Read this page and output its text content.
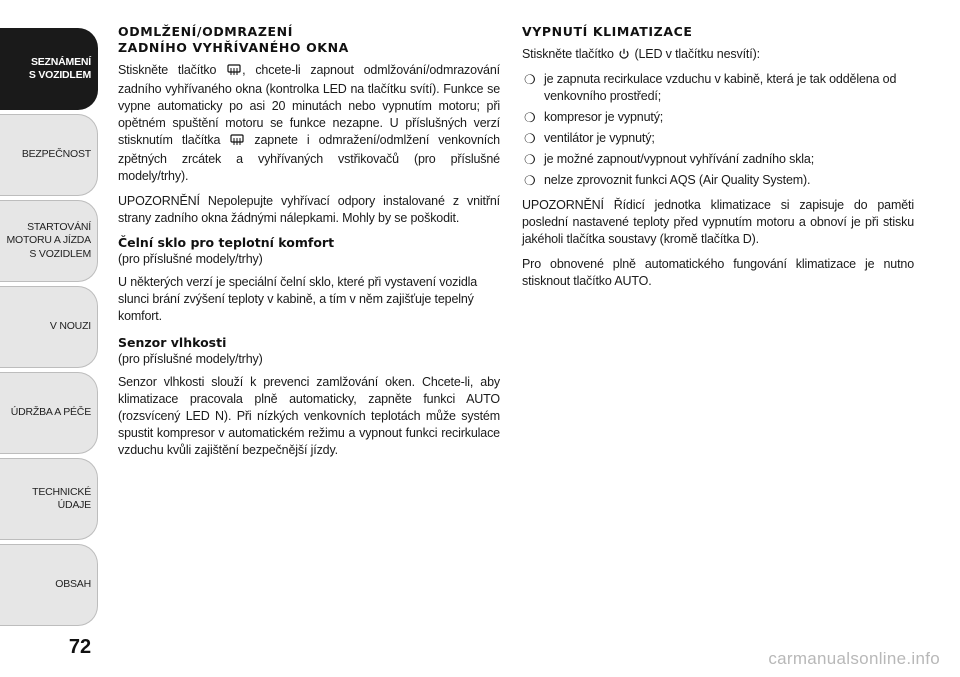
SEZNÁMENÍ
S VOZIDLEM
BEZPEČNOST
STARTOVÁNÍ
MOTORU A JÍZDA
S VOZIDLEM
V NOUZI
ÚDRŽBA A PÉČE
TECHNICKÉ
ÚDAJE
OBSAH
72
ODMLŽENÍ/ODMRAZENÍ
ZADNÍHO VYHŘÍVANÉHO OKNA

Stiskněte tlačítko , chcete-li zapnout odmlžování/odmrazování zadního vyhřívaného okna (kontrolka LED na tlačítku svítí). Funkce se vypne automaticky po asi 20 minutách nebo vypnutím motoru; při opětném spuštění motoru se funkce nezapne. U příslušných verzí stisknutím tlačítka	zapnete i odmražení/odmlžení venkovních zpětných zrcátek a vyhřívaných vstřikovačů (pro příslušné modely/trhy).

UPOZORNĚNÍ Nepolepujte vyhřívací odpory instalované z vnitřní strany zadního okna žádnými nálepkami. Mohly by se poškodit.

Čelní sklo pro teplotní komfort

(pro příslušné modely/trhy)

U některých verzí je speciální čelní sklo, které při vystavení vozidla slunci brání zvýšení teploty v kabině, a tím v něm zajišťuje tepelný komfort.

Senzor vlhkosti

(pro příslušné modely/trhy)

Senzor vlhkosti slouží k prevenci zamlžování oken. Chcete-li, aby klimatizace pracovala plně automaticky, zapněte funkci AUTO (rozsvícený LED N). Při nízkých venkovních teplotách může systém spustit kompresor v automatickém režimu a vypnout funkci recirkulace vzduchu kvůli zajištění bezpečnější jízdy.

VYPNUTÍ KLIMATIZACE

Stiskněte tlačítko (LED v tlačítku nesvítí):

❍ je zapnuta recirkulace vzduchu v kabině, která je tak oddělena od venkovního prostředí;
❍ kompresor je vypnutý;
❍ ventilátor je vypnutý;
❍ je možné zapnout/vypnout vyhřívání zadního skla;
❍ nelze zprovoznit funkci AQS (Air Quality System).

UPOZORNĚNÍ Řídicí jednotka klimatizace si zapisuje do paměti poslední nastavené teploty před vypnutím motoru a obnoví je při stisku jakéholi tlačítka soustavy (kromě tlačítka D).

Pro obnovené plně automatického fungování klimatizace je nutno stisknout tlačítko AUTO.

carmanualsonline.info
